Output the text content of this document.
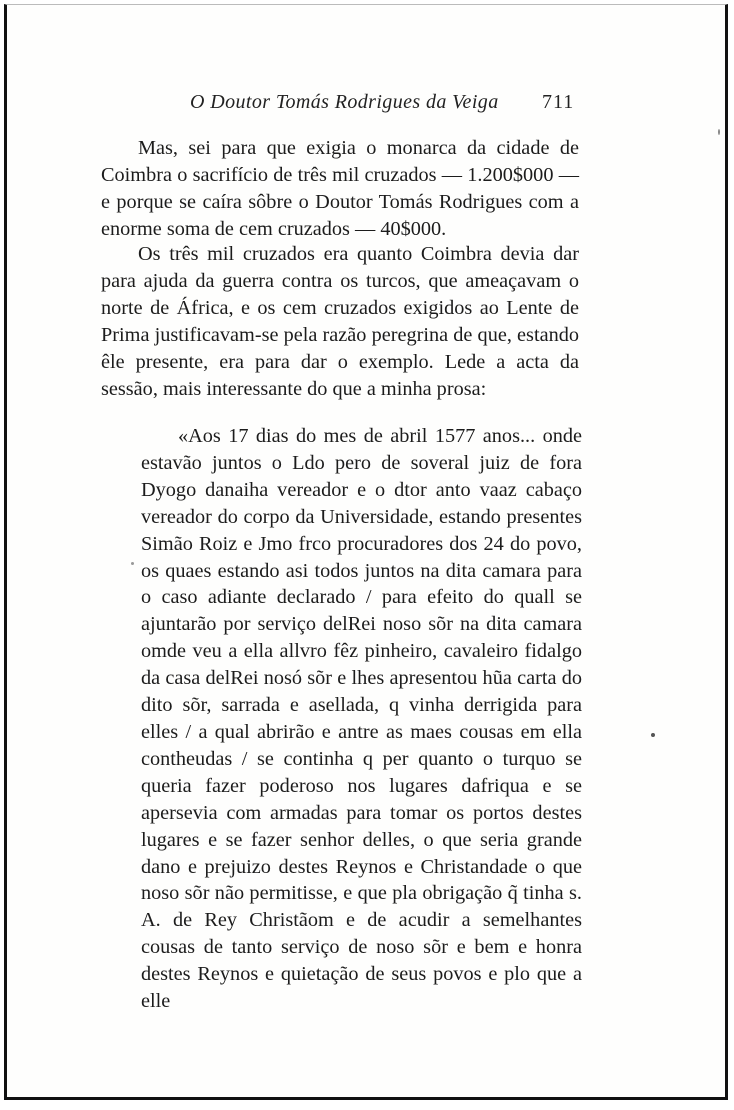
O Doutor Tomás Rodrigues da Veiga 711

Mas, sei para que exigia o monarca da cidade de Coimbra o sacrifício de três mil cruzados — 1.200$000 — e porque se caíra sôbre o Doutor Tomás Rodrigues com a enorme soma de cem cruzados — 40$000.

Os três mil cruzados era quanto Coimbra devia dar para ajuda da guerra contra os turcos, que ameaçavam o norte de África, e os cem cruzados exigidos ao Lente de Prima justificavam-se pela razão peregrina de que, estando êle presente, era para dar o exemplo. Lede a acta da sessão, mais interessante do que a minha prosa:

«Aos 17 dias do mes de abril 1577 anos... onde estavão juntos o Ldo pero de soveral juiz de fora Dyogo danaiha vereador e o dtor anto vaaz cabaço vereador do corpo da Universidade, estando presentes Simão Roiz e Jmo frco procuradores dos 24 do povo, os quaes estando asi todos juntos na dita camara para o caso adiante declarado / para efeito do quall se ajuntarão por serviço delRei noso sõr na dita camara omde veu a ella allvro fêz pinheiro, cavaleiro fidalgo da casa delRei nosó sõr e lhes apresentou hũa carta do dito sõr, sarrada e asellada, q vinha derrigida para elles / a qual abrirão e antre as maes cousas em ella contheudas / se continha q per quanto o turquo se queria fazer poderoso nos lugares dafriqua e se apersevia com armadas para tomar os portos destes lugares e se fazer senhor delles, o que seria grande dano e prejuizo destes Reynos e Christandade o que noso sõr não permitisse, e que pla obrigação q̃ tinha s. A. de Rey Christãom e de acudir a semelhantes cousas de tanto serviço de noso sõr e bem e honra destes Reynos e quietação de seus povos e plo que a elle
